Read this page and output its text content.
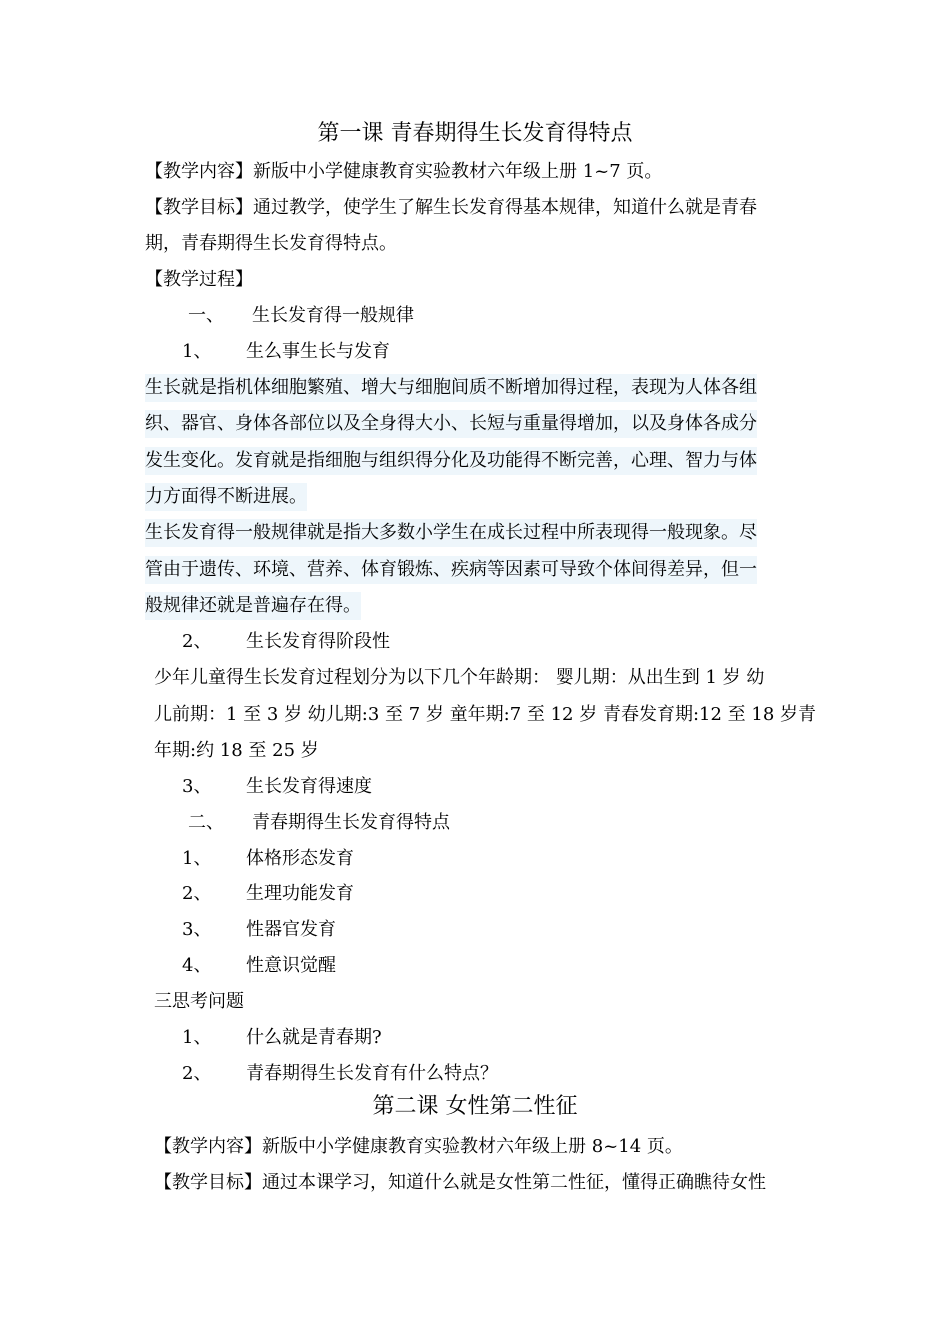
第一课 青春期得生长发育得特点
【教学内容】新版中小学健康教育实验教材六年级上册 1~7 页。
【教学目标】通过教学，使学生了解生长发育得基本规律，知道什么就是青春
期，青春期得生长发育得特点。
【教学过程】
一、 生长发育得一般规律
1、 生么事生长与发育
生长就是指机体细胞繁殖、增大与细胞间质不断增加得过程，表现为人体各组
织、器官、身体各部位以及全身得大小、长短与重量得增加，以及身体各成分
发生变化。发育就是指细胞与组织得分化及功能得不断完善，心理、智力与体
力方面得不断进展。
生长发育得一般规律就是指大多数小学生在成长过程中所表现得一般现象。尽
管由于遗传、环境、营养、体育锻炼、疾病等因素可导致个体间得差异，但一
般规律还就是普遍存在得。
2、 生长发育得阶段性
少年儿童得生长发育过程划分为以下几个年龄期： 婴儿期：从出生到 1 岁 幼
儿前期：1 至 3 岁 幼儿期:3 至 7 岁 童年期:7 至 12 岁 青春发育期:12 至 18 岁青
年期:约 18 至 25 岁
3、 生长发育得速度
二、 青春期得生长发育得特点
1、 体格形态发育
2、 生理功能发育
3、 性器官发育
4、 性意识觉醒
三思考问题
1、 什么就是青春期?
2、 青春期得生长发育有什么特点？
第二课 女性第二性征
【教学内容】新版中小学健康教育实验教材六年级上册 8~14 页。
【教学目标】通过本课学习，知道什么就是女性第二性征，懂得正确瞧待女性
